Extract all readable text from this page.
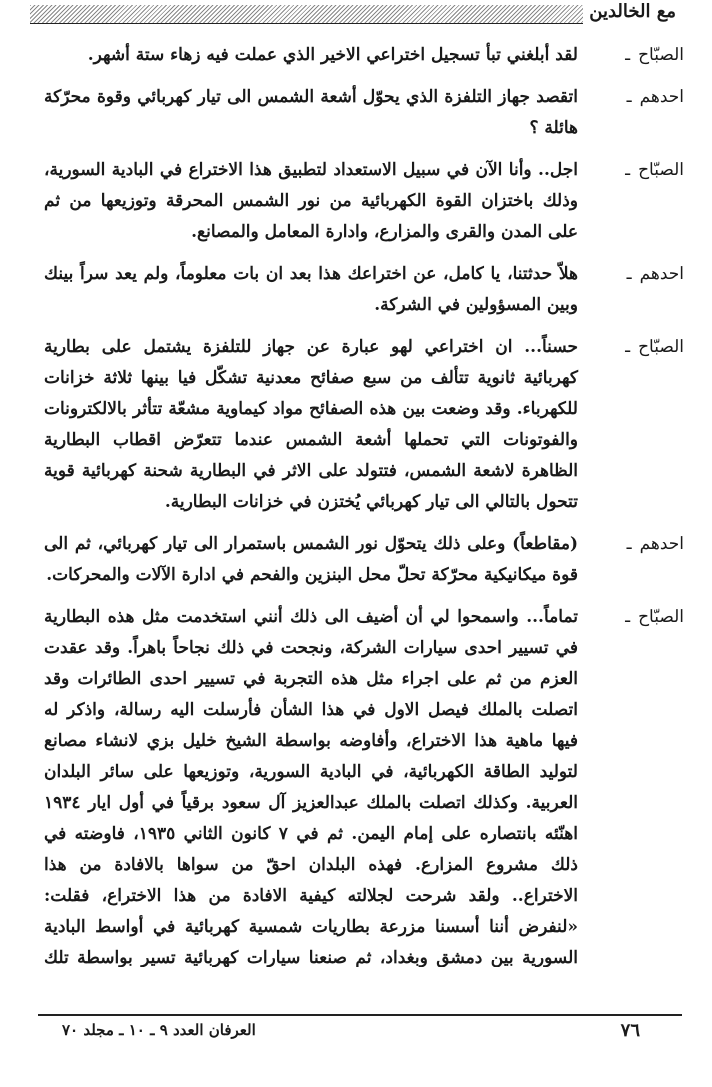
مع الخالدين
الصبّاحـ
لقد أبلغني تبأ تسجيل اختراعي الاخير الذي عملت فيه زهاء ستة أشهر.
احدهمـ
اتقصد جهاز التلفزة الذي يحوّل أشعة الشمس الى تيار كهربائي وقوة محرّكة هائلة ؟
الصبّاحـ
اجل.. وأنا الآن في سبيل الاستعداد لتطبيق هذا الاختراع في البادية السورية، وذلك باختزان القوة الكهربائية من نور الشمس المحرقة وتوزيعها من ثم على المدن والقرى والمزارع، وادارة المعامل والمصانع.
احدهمـ
هلاّ حدثتنا، يا كامل، عن اختراعك هذا بعد ان بات معلوماً، ولم يعد سراً بينك وبين المسؤولين في الشركة.
الصبّاحـ
حسناً... ان اختراعي لهو عبارة عن جهاز للتلفزة يشتمل على بطارية كهربائية ثانوية تتألف من سبع صفائح معدنية تشكّل فيا بينها ثلاثة خزانات للكهرباء. وقد وضعت بين هذه الصفائح مواد كيماوية مشعّة تتأثر بالالكترونات والفوتونات التي تحملها أشعة الشمس عندما تتعرّض اقطاب البطارية الظاهرة لاشعة الشمس، فتتولد على الاثر في البطارية شحنة كهربائية قوية تتحول بالتالي الى تيار كهربائي يُختزن في خزانات البطارية.
احدهمـ
(مقاطعاً) وعلى ذلك يتحوّل نور الشمس باستمرار الى تيار كهربائي، ثم الى قوة ميكانيكية محرّكة تحلّ محل البنزين والفحم في ادارة الآلات والمحركات.
الصبّاحـ
تماماً... واسمحوا لي أن أضيف الى ذلك أنني استخدمت مثل هذه البطارية في تسيير احدى سيارات الشركة، ونجحت في ذلك نجاحاً باهراً. وقد عقدت العزم من ثم على اجراء مثل هذه التجربة في تسيير احدى الطائرات وقد اتصلت بالملك فيصل الاول في هذا الشأن فأرسلت اليه رسالة، واذكر له فيها ماهية هذا الاختراع، وأفاوضه بواسطة الشيخ خليل بزي لانشاء مصانع لتوليد الطاقة الكهربائية، في البادية السورية، وتوزيعها على سائر البلدان العربية. وكذلك اتصلت بالملك عبدالعزيز آل سعود برقياً في أول ايار ١٩٣٤ اهنّئه بانتصاره على إمام اليمن. ثم في ٧ كانون الثاني ١٩٣٥، فاوضته في ذلك مشروع المزارع. فهذه البلدان احقّ من سواها بالافادة من هذا الاختراع.. ولقد شرحت لجلالته كيفية الافادة من هذا الاختراع، فقلت: «لنفرض أننا أسسنا مزرعة بطاريات شمسية كهربائية في أواسط البادية السورية بين دمشق وبغداد، ثم صنعنا سيارات كهربائية تسير بواسطة تلك
٧٦
العرفان العدد ٩ ـ ١٠ ـ مجلد ٧٠
